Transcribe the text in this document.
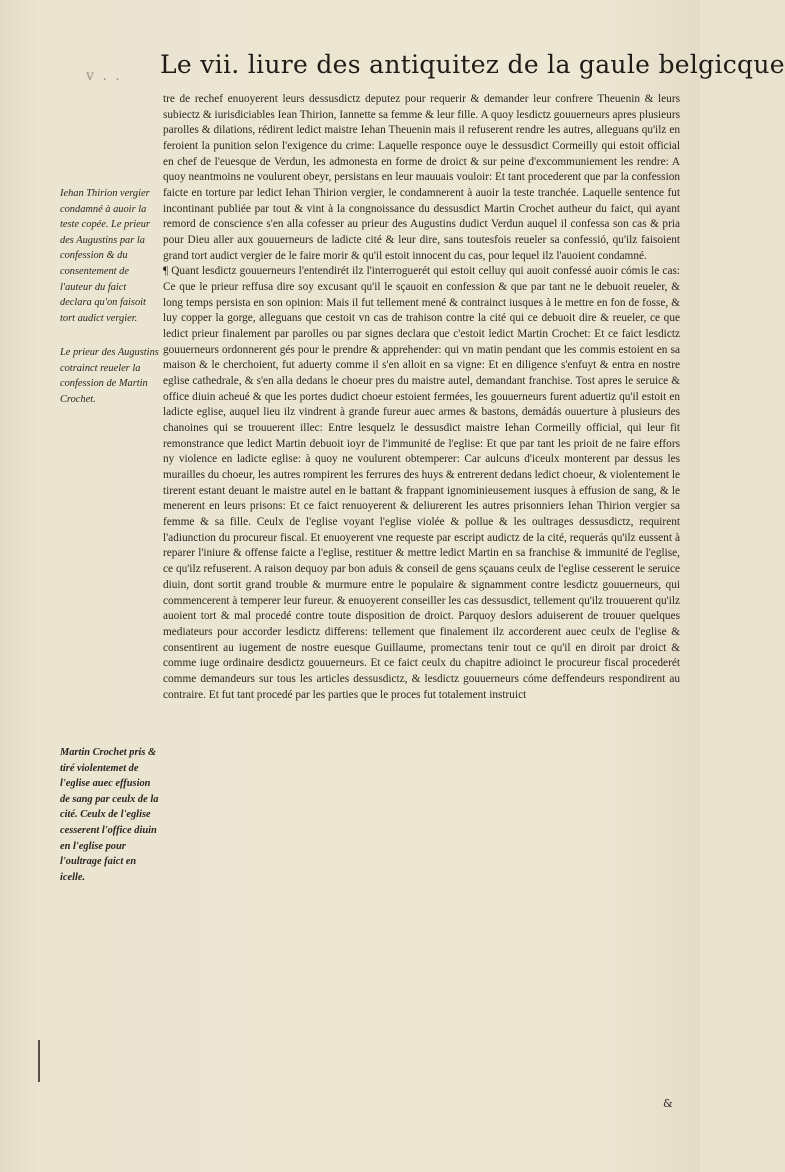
v . . Le vii. liure des antiquitez de la gaule belgicque
Iehan Thirion vergier condamné à auoir la teste copée. Le prieur des Augustins par la confession & du consentement de l'auteur du faict declara qu'on faisoit tort audict vergier.
Le prieur des Augustins cotrainct reueler la confession de Martin Crochet.
Martin Crochet pris & tiré violentemet de l'eglise auec effusion de sang par ceulx de la cité. Ceulx de l'eglise cesserent l'office diuin en l'eglise pour l'oultrage faict en icelle.

tre de rechef enuoyerent leurs dessusdictz deputez pour requerir & demander leur confrere Theuenin & leurs subiectz & iurisdiciables Iean Thirion, Iannette sa femme & leur fille. A quoy lesdictz gouuerneurs apres plusieurs parolles & dilations, rédirent ledict maistre Iehan Theuenin mais il refuserent rendre les autres, alleguans qu'ilz en feroient la punition selon l'exigence du crime: Laquelle responce ouye le dessusdict Cormeilly qui estoit official en chef de l'euesque de Verdun, les admonesta en forme de droict & sur peine d'excommuniement les rendre: A quoy neantmoins ne voulurent obeyr, persistans en leur mauuais vouloir: Et tant procederent que par la confession faicte en torture par ledict Iehan Thirion vergier, le condamnerent à auoir la teste tranchée. Laquelle sentence fut incontinant publiée par tout & vint à la congnoissance du dessusdict Martin Crochet autheur du faict, qui ayant remord de conscience s'en alla cofesser au prieur des Augustins dudict Verdun auquel il confessa son cas & pria pour Dieu aller aux gouuerneurs de ladicte cité & leur dire, sans toutesfois reueler sa confessió, qu'ilz faisoient grand tort audict vergier de le faire morir & qu'il estoit innocent du cas, pour lequel ilz l'auoient condamné.

¶ Quant lesdictz gouuerneurs l'entendirét ilz l'interroguerét qui estoit celluy qui auoit confessé auoir cómis le cas: Ce que le prieur reffusa dire soy excusant qu'il le sçauoit en confession & que par tant ne le debuoit reueler, & long temps persista en son opinion: Mais il fut tellement mené & contrainct iusques à le mettre en fon de fosse, & luy copper la gorge, alleguans que cestoit vn cas de trahison contre la cité qui ce debuoit dire & reueler, ce que ledict prieur finalement par parolles ou par signes declara que c'estoit ledict Martin Crochet: Et ce faict lesdictz gouuerneurs ordonnerent gés pour le prendre & apprehender: qui vn matin pendant que les commis estoient en sa maison & le cherchoient, fut aduerty comme il s'en alloit en sa vigne: Et en diligence s'enfuyt & entra en nostre eglise cathedrale, & s'en alla dedans le choeur pres du maistre autel, demandant franchise. Tost apres le seruice & office diuin acheué & que les portes dudict choeur estoient fermées, les gouuerneurs furent aduertiz qu'il estoit en ladicte eglise, auquel lieu ilz vindrent à grande fureur auec armes & bastons, demádás ouuerture à plusieurs des chanoines qui se trouuerent illec: Entre lesquelz le dessusdict maistre Iehan Cormeilly official, qui leur fit remonstrance que ledict Martin debuoit ioyr de l'immunité de l'eglise: Et que par tant les prioit de ne faire effors ny violence en ladicte eglise: à quoy ne voulurent obtemperer: Car aulcuns d'iceulx monterent par dessus les murailles du choeur, les autres rompirent les ferrures des huys & entrerent dedans ledict choeur, & violentement le tirerent estant deuant le maistre autel en le battant & frappant ignominieusement iusques à effusion de sang, & le menerent en leurs prisons: Et ce faict renuoyerent & deliurerent les autres prisonniers Iehan Thirion vergier sa femme & sa fille. Ceulx de l'eglise voyant l'eglise violée & pollue & les oultrages dessusdictz, requirent l'adiunction du procureur fiscal. Et enuoyerent vne requeste par escript audictz de la cité, requerás qu'ilz eussent à reparer l'iniure & offense faicte a l'eglise, restituer & mettre ledict Martin en sa franchise & immunité de l'eglise, ce qu'ilz refuserent. A raison dequoy par bon aduis & conseil de gens sçauans ceulx de l'eglise cesserent le seruice diuin, dont sortit grand trouble & murmure entre le populaire & signamment contre lesdictz gouuerneurs, qui commencerent à temperer leur fureur. & enuoyerent conseiller les cas dessusdict, tellement qu'ilz trouuerent qu'ilz auoient tort & mal procedé contre toute disposition de droict. Parquoy deslors aduiserent de trouuer quelques mediateurs pour accorder lesdictz differens: tellement que finalement ilz accorderent auec ceulx de l'eglise & consentirent au iugement de nostre euesque Guillaume, promectans tenir tout ce qu'il en diroit par droict & comme iuge ordinaire desdictz gouuerneurs. Et ce faict ceulx du chapitre adioinct le procureur fiscal procederét comme demandeurs sur tous les articles dessusdictz, & lesdictz gouuerneurs cóme deffendeurs respondirent au contraire. Et fut tant procedé par les parties que le proces fut totalement instruict

&
